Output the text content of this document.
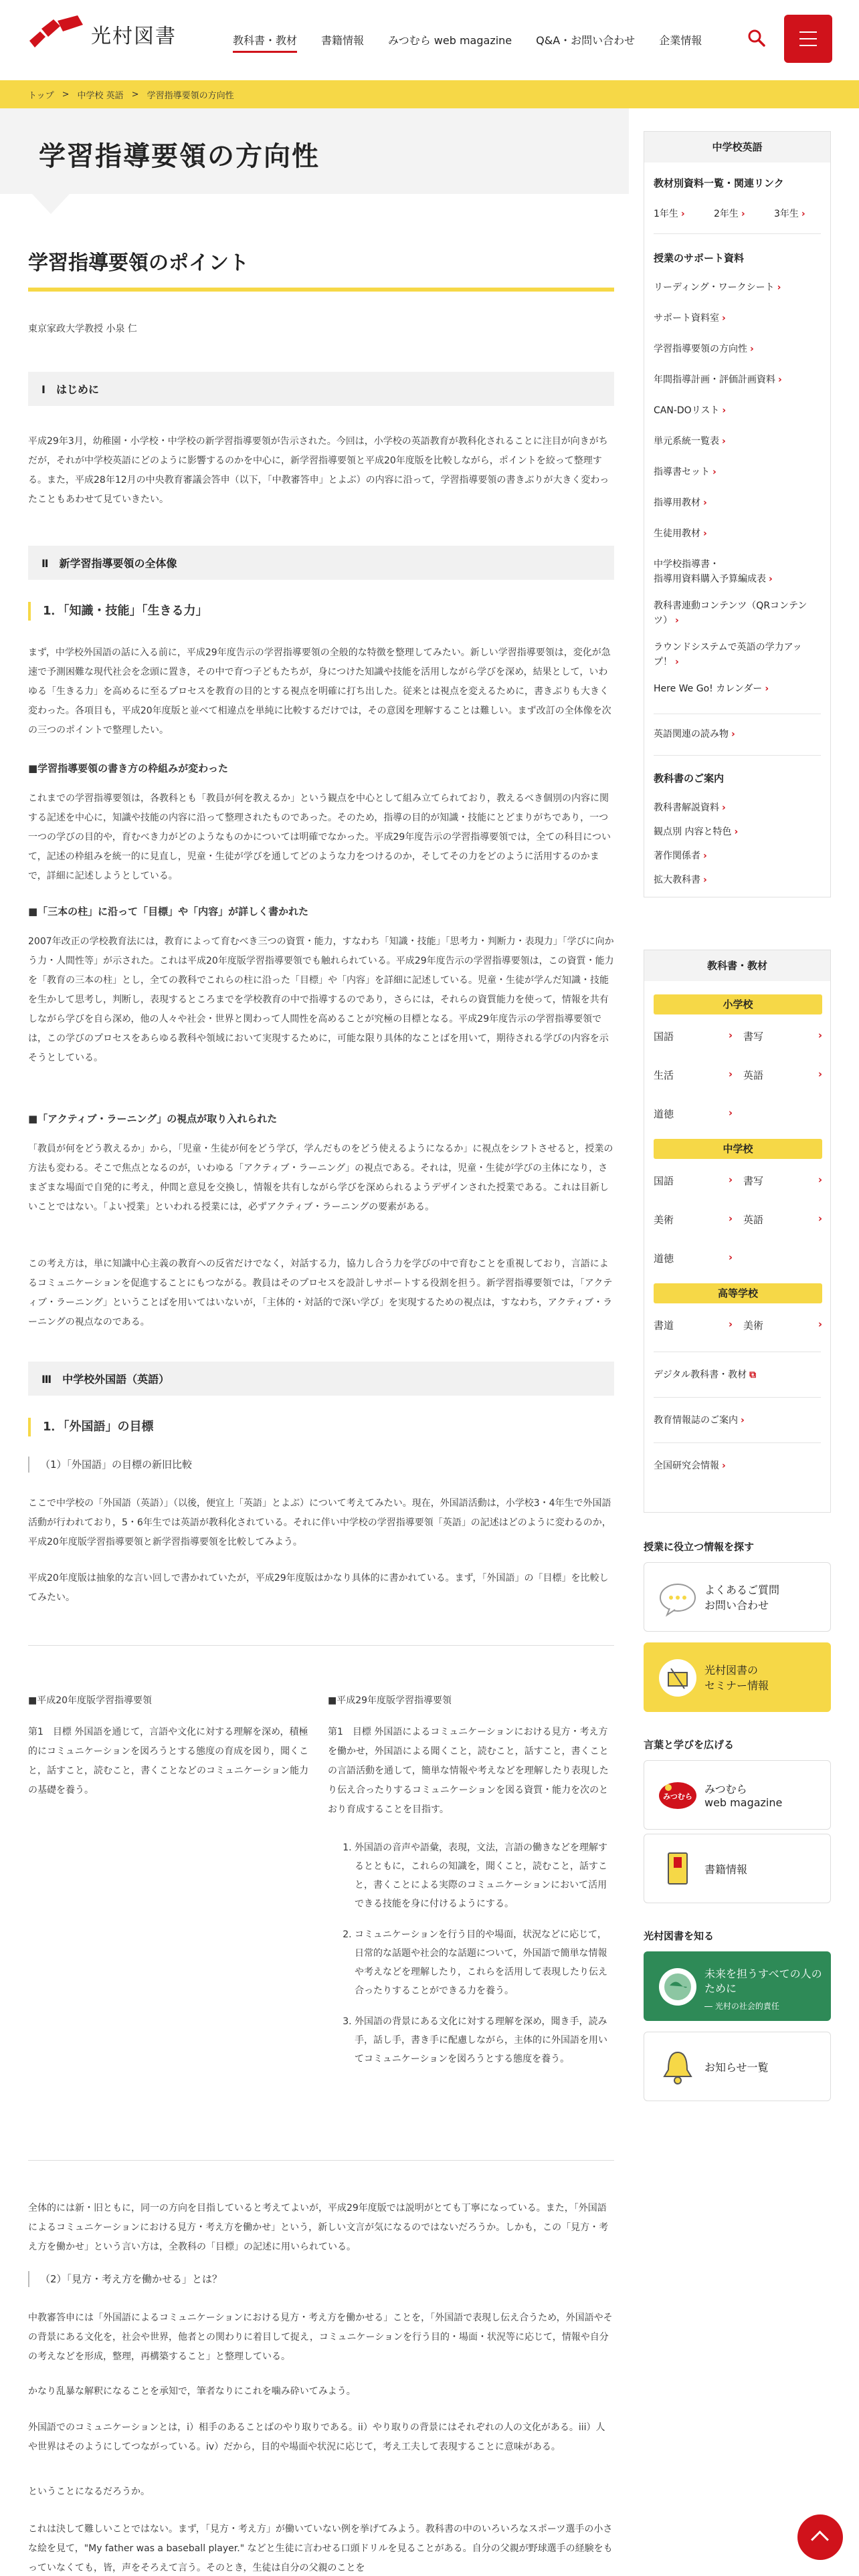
光村図書	教科書・教材	書籍情報	みつむら web magazine	Q&A・お問い合わせ	企業情報
トップ > 中学校 英語 > 学習指導要領の方向性
学習指導要領の方向性
学習指導要領のポイント
東京家政大学教授 小泉 仁
Ⅰ　はじめに
平成29年3月，幼稚園・小学校・中学校の新学習指導要領が告示された。今回は，小学校の英語教育が教科化されることに注目が向きがちだが，それが中学校英語にどのように影響するのかを中心に，新学習指導要領と平成20年度版を比較しながら，ポイントを絞って整理する。また，平成28年12月の中央教育審議会答申（以下，「中教審答申」とよぶ）の内容に沿って，学習指導要領の書きぶりが大きく変わったこともあわせて見ていきたい。
Ⅱ　新学習指導要領の全体像
1．「知識・技能」「生きる力」
まず，中学校外国語の話に入る前に，平成29年度告示の学習指導要領の全般的な特徴を整理してみたい。新しい学習指導要領は，変化が急速で予測困難な現代社会を念頭に置き，その中で育つ子どもたちが，身につけた知識や技能を活用しながら学びを深め，結果として，いわゆる「生きる力」を高めるに至るプロセスを教育の目的とする視点を明確に打ち出した。従来とは視点を変えるために，書きぶりも大きく変わった。各項目も，平成20年度版と並べて相違点を単純に比較するだけでは，その意図を理解することは難しい。まず改訂の全体像を次の三つのポイントで整理したい。
■学習指導要領の書き方の枠組みが変わった
これまでの学習指導要領は，各教科とも「教員が何を教えるか」という観点を中心として組み立てられており，教えるべき個別の内容に関する記述を中心に，知識や技能の内容に沿って整理されたものであった。そのため，指導の目的が知識・技能にとどまりがちであり，一つ一つの学びの目的や，育むべき力がどのようなものかについては明確でなかった。平成29年度告示の学習指導要領では，全ての科目について，記述の枠組みを統一的に見直し，児童・生徒が学びを通してどのような力をつけるのか，そしてその力をどのように活用するのかまで，詳細に記述しようとしている。
■「三本の柱」に沿って「目標」や「内容」が詳しく書かれた
2007年改正の学校教育法には，教育によって育むべき三つの資質・能力，すなわち「知識・技能」「思考力・判断力・表現力」「学びに向かう力・人間性等」が示された。これは平成20年度版学習指導要領でも触れられている。平成29年度告示の学習指導要領は，この資質・能力を「教育の三本の柱」とし，全ての教科でこれらの柱に沿った「目標」や「内容」を詳細に記述している。児童・生徒が学んだ知識・技能を生かして思考し，判断し，表現するところまでを学校教育の中で指導するのであり，さらには，それらの資質能力を使って，情報を共有しながら学びを自ら深め，他の人々や社会・世界と関わって人間性を高めることが究極の目標となる。平成29年度告示の学習指導要領では，この学びのプロセスをあらゆる教科や領域において実現するために，可能な限り具体的なことばを用いて，期待される学びの内容を示そうとしている。
■「アクティブ・ラーニング」の視点が取り入れられた
「教員が何をどう教えるか」から，「児童・生徒が何をどう学び，学んだものをどう使えるようになるか」に視点をシフトさせると，授業の方法も変わる。そこで焦点となるのが，いわゆる「アクティブ・ラーニング」の視点である。それは，児童・生徒が学びの主体になり，さまざまな場面で自発的に考え，仲間と意見を交換し，情報を共有しながら学びを深められるようデザインされた授業である。これは目新しいことではない。「よい授業」といわれる授業には，必ずアクティブ・ラーニングの要素がある。
この考え方は，単に知識中心主義の教育への反省だけでなく，対話する力，協力し合う力を学びの中で育むことを重視しており，言語によるコミュニケーションを促進することにもつながる。教員はそのプロセスを設計しサポートする役割を担う。新学習指導要領では，「アクティブ・ラーニング」ということばを用いてはいないが，「主体的・対話的で深い学び」を実現するための視点は，すなわち，アクティブ・ラーニングの視点なのである。
Ⅲ　中学校外国語（英語）
1．「外国語」の目標
（1）「外国語」の目標の新旧比較
ここで中学校の「外国語（英語）」（以後，便宜上「英語」とよぶ）について考えてみたい。現在，外国語活動は，小学校3・4年生で外国語活動が行われており，5・6年生では英語が教科化されている。それに伴い中学校の学習指導要領「英語」の記述はどのように変わるのか，平成20年度版学習指導要領と新学習指導要領を比較してみよう。
平成20年度版は抽象的な言い回しで書かれていたが，平成29年度版はかなり具体的に書かれている。まず，「外国語」の「目標」を比較してみたい。
■平成20年度版学習指導要領
第1　目標 外国語を通じて，言語や文化に対する理解を深め，積極的にコミュニケーションを図ろうとする態度の育成を図り，聞くこと，話すこと，読むこと，書くことなどのコミュニケーション能力の基礎を養う。
■平成29年度版学習指導要領
第1　目標 外国語によるコミュニケーションにおける見方・考え方を働かせ，外国語による聞くこと，読むこと，話すこと，書くことの言語活動を通して，簡単な情報や考えなどを理解したり表現したり伝え合ったりするコミュニケーションを図る資質・能力を次のとおり育成することを目指す。
1. 外国語の音声や語彙，表現，文法，言語の働きなどを理解するとともに，これらの知識を，聞くこと，読むこと，話すこと，書くことによる実際のコミュニケーションにおいて活用できる技能を身に付けるようにする。
2. コミュニケーションを行う目的や場面，状況などに応じて，日常的な話題や社会的な話題について，外国語で簡単な情報や考えなどを理解したり，これらを活用して表現したり伝え合ったりすることができる力を養う。
3. 外国語の背景にある文化に対する理解を深め，聞き手，読み手，話し手，書き手に配慮しながら，主体的に外国語を用いてコミュニケーションを図ろうとする態度を養う。
全体的には新・旧ともに，同一の方向を目指していると考えてよいが，平成29年度版では説明がとても丁寧になっている。また，「外国語によるコミュニケーションにおける見方・考え方を働かせ」という，新しい文言が気になるのではないだろうか。しかも，この「見方・考え方を働かせ」という言い方は，全教科の「目標」の記述に用いられている。
（2）「見方・考え方を働かせる」とは？
中教審答申には「外国語によるコミュニケーションにおける見方・考え方を働かせる」ことを，「外国語で表現し伝え合うため，外国語やその背景にある文化を，社会や世界，他者との関わりに着目して捉え，コミュニケーションを行う目的・場面・状況等に応じて，情報や自分の考えなどを形成，整理，再構築すること」と整理している。
かなり乱暴な解釈になることを承知で，筆者なりにこれを噛み砕いてみよう。
外国語でのコミュニケーションとは，i）相手のあることばのやり取りである。ii）やり取りの背景にはそれぞれの人の文化がある。iii）人や世界はそのようにしてつながっている。iv）だから，目的や場面や状況に応じて，考え工夫して表現することに意味がある。
ということになるだろうか。
これは決して難しいことではない。まず，「見方・考え方」が働いていない例を挙げてみよう。教科書の中のいろいろなスポーツ選手の小さな絵を見て，"My father was a baseball player." などと生徒に言わせる口頭ドリルを見ることがある。自分の父親が野球選手の経験をもっていなくても，皆，声をそろえて言う。そのとき，生徒は自分の父親のことを
中学校英語
教材別資料一覧・関連リンク
1年生 ›	2年生 ›	3年生 ›
授業のサポート資料
リーディング・ワークシート ›
サポート資料室 ›
学習指導要領の方向性 ›
年間指導計画・評価計画資料 ›
CAN-DOリスト ›
単元系統一覧表 ›
指導書セット ›
指導用教材 ›
生徒用教材 ›
中学校指導書・
指導用資料購入予算編成表 ›
教科書連動コンテンツ（QRコンテンツ） ›
ラウンドシステムで英語の学力アップ！ ›
Here We Go! カレンダー ›
英語関連の読み物 ›
教科書のご案内
教科書解説資料 ›
観点別 内容と特色 ›
著作関係者 ›
拡大教科書 ›
教科書・教材
小学校
国語	› 書写	›
生活	› 英語	›
道徳	›
中学校
国語	› 書写	›
美術	› 英語	›
道徳	›
高等学校
書道	› 美術	›
デジタル教科書・教材 ⧉
教育情報誌のご案内 ›
全国研究会情報 ›
授業に役立つ情報を探す
よくあるご質問
お問い合わせ
光村図書の
セミナー情報
言葉と学びを広げる
みつむら
みつむら
web magazine
書籍情報
光村図書を知る
未来を担うすべての人のために
― 光村の社会的責任
お知らせ一覧
